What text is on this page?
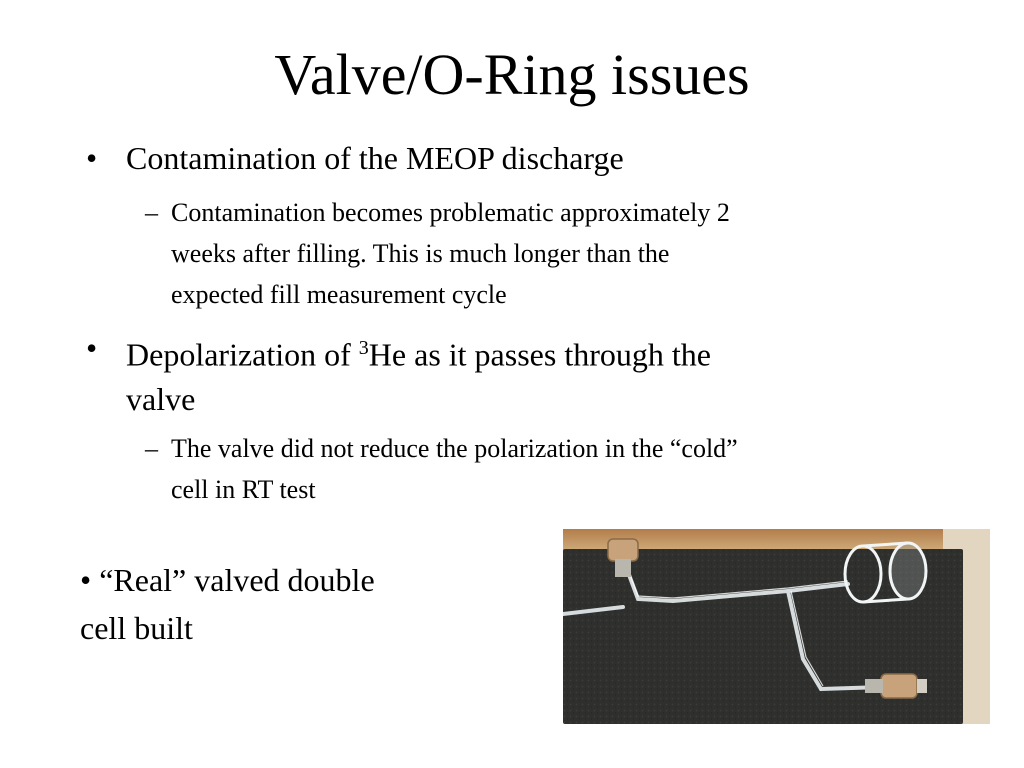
Valve/O-Ring issues
• Contamination of the MEOP discharge
– Contamination becomes problematic approximately 2
weeks after filling. This is much longer than the
expected fill measurement cycle
• Depolarization of $^3$He as it passes through the
valve
– The valve did not reduce the polarization in the “cold”
cell in RT test
• “Real” valved double
cell built
